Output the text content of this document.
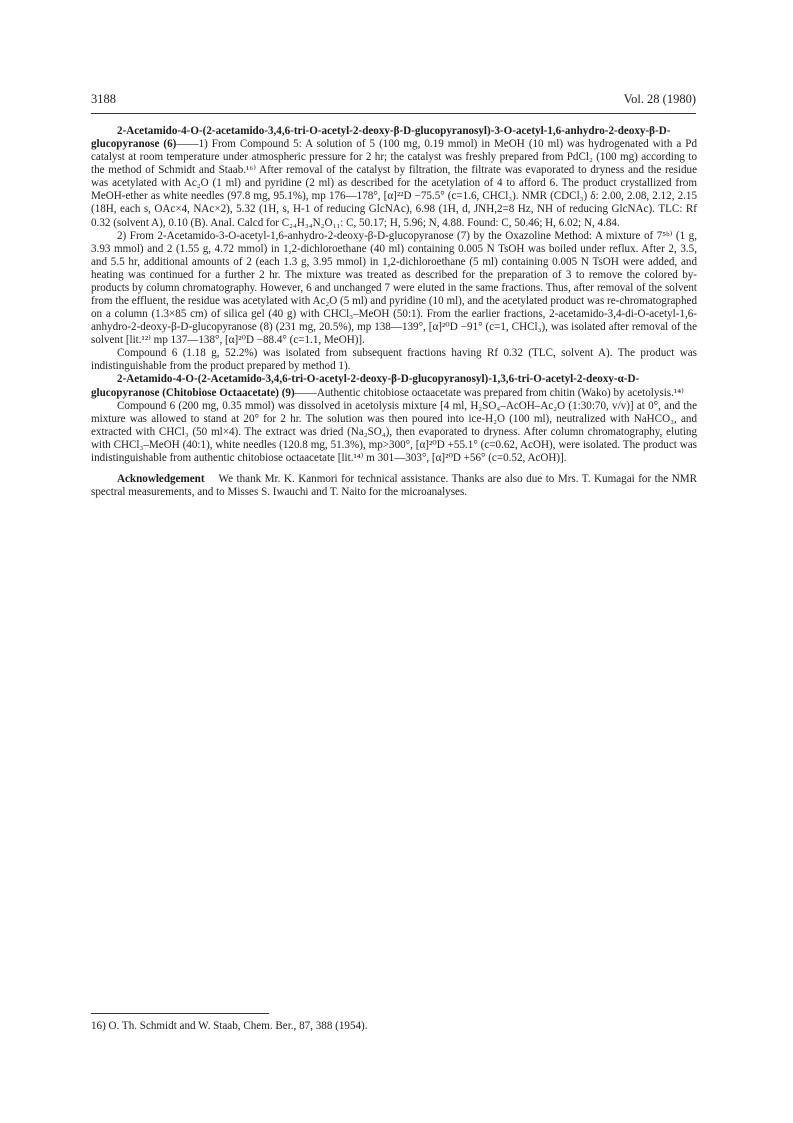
3188	Vol. 28 (1980)

2-Acetamido-4-O-(2-acetamido-3,4,6-tri-O-acetyl-2-deoxy-β-D-glucopyranosyl)-3-O-acetyl-1,6-anhydro-2-deoxy-β-D-glucopyranose (6)——1) From Compound 5: A solution of 5 (100 mg, 0.19 mmol) in MeOH (10 ml) was hydrogenated with a Pd catalyst at room temperature under atmospheric pressure for 2 hr; the catalyst was freshly prepared from PdCl₂ (100 mg) according to the method of Schmidt and Staab.¹⁶⁾ After removal of the catalyst by filtration, the filtrate was evaporated to dryness and the residue was acetylated with Ac₂O (1 ml) and pyridine (2 ml) as described for the acetylation of 4 to afford 6. The product crystallized from MeOH-ether as white needles (97.8 mg, 95.1%), mp 176—178°, [α]²²D −75.5° (c=1.6, CHCl₃). NMR (CDCl₃) δ: 2.00, 2.08, 2.12, 2.15 (18H, each s, OAc×4, NAc×2), 5.32 (1H, s, H-1 of reducing GlcNAc), 6.98 (1H, d, JNH,2=8 Hz, NH of reducing GlcNAc). TLC: Rf 0.32 (solvent A), 0.10 (B). Anal. Calcd for C₂₄H₃₄N₂O₁₁: C, 50.17; H, 5.96; N, 4.88. Found: C, 50.46; H, 6.02; N, 4.84.

2) From 2-Acetamido-3-O-acetyl-1,6-anhydro-2-deoxy-β-D-glucopyranose (7) by the Oxazoline Method: A mixture of 7⁵ᵇ⁾ (1 g, 3.93 mmol) and 2 (1.55 g, 4.72 mmol) in 1,2-dichloroethane (40 ml) containing 0.005 N TsOH was boiled under reflux. After 2, 3.5, and 5.5 hr, additional amounts of 2 (each 1.3 g, 3.95 mmol) in 1,2-dichloroethane (5 ml) containing 0.005 N TsOH were added, and heating was continued for a further 2 hr. The mixture was treated as described for the preparation of 3 to remove the colored by-products by column chromatography. However, 6 and unchanged 7 were eluted in the same fractions. Thus, after removal of the solvent from the effluent, the residue was acetylated with Ac₂O (5 ml) and pyridine (10 ml), and the acetylated product was re-chromatographed on a column (1.3×85 cm) of silica gel (40 g) with CHCl₃–MeOH (50:1). From the earlier fractions, 2-acetamido-3,4-di-O-acetyl-1,6-anhydro-2-deoxy-β-D-glucopyranose (8) (231 mg, 20.5%), mp 138—139°, [α]²⁰D −91° (c=1, CHCl₃), was isolated after removal of the solvent [lit.¹²⁾ mp 137—138°, [α]²⁰D −88.4° (c=1.1, MeOH)].

Compound 6 (1.18 g, 52.2%) was isolated from subsequent fractions having Rf 0.32 (TLC, solvent A). The product was indistinguishable from the product prepared by method 1).

2-Aetamido-4-O-(2-Acetamido-3,4,6-tri-O-acetyl-2-deoxy-β-D-glucopyranosyl)-1,3,6-tri-O-acetyl-2-deoxy-α-D-glucopyranose (Chitobiose Octaacetate) (9)——Authentic chitobiose octaacetate was prepared from chitin (Wako) by acetolysis.¹⁴⁾

Compound 6 (200 mg, 0.35 mmol) was dissolved in acetolysis mixture [4 ml, H₂SO₄–AcOH–Ac₂O (1:30:70, v/v)] at 0°, and the mixture was allowed to stand at 20° for 2 hr. The solution was then poured into ice-H₂O (100 ml), neutralized with NaHCO₃, and extracted with CHCl₃ (50 ml×4). The extract was dried (Na₂SO₄), then evaporated to dryness. After column chromatography, eluting with CHCl₃–MeOH (40:1), white needles (120.8 mg, 51.3%), mp>300°, [α]²⁰D +55.1° (c=0.62, AcOH), were isolated. The product was indistinguishable from authentic chitobiose octaacetate [lit.¹⁴⁾ m 301—303°, [α]²⁰D +56° (c=0.52, AcOH)].

Acknowledgement We thank Mr. K. Kanmori for technical assistance. Thanks are also due to Mrs. T. Kumagai for the NMR spectral measurements, and to Misses S. Iwauchi and T. Naito for the microanalyses.

16) O. Th. Schmidt and W. Staab, Chem. Ber., 87, 388 (1954).
